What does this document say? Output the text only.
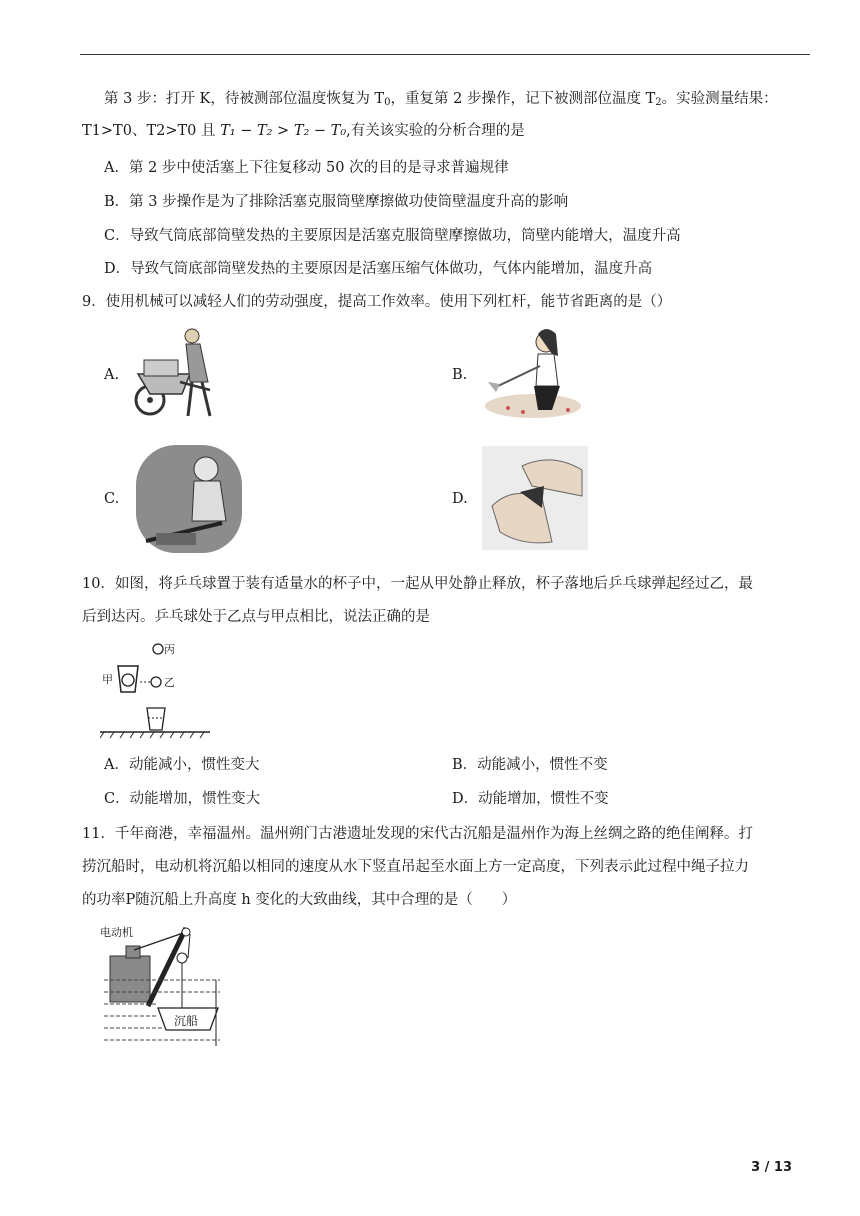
第 3 步：打开 K，待被测部位温度恢复为 $T_0$，重复第 2 步操作，记下被测部位温度 $T_2$。实验测量结果：
T1>T0、T2>T0 且 T₁ − T₂ > T₂ − T₀,有关该实验的分析合理的是
A．第 2 步中使活塞上下往复移动 50 次的目的是寻求普遍规律
B．第 3 步操作是为了排除活塞克服筒壁摩擦做功使筒壁温度升高的影响
C．导致气筒底部筒壁发热的主要原因是活塞克服筒壁摩擦做功，筒壁内能增大，温度升高
D．导致气筒底部筒壁发热的主要原因是活塞压缩气体做功，气体内能增加，温度升高
9．使用机械可以减轻人们的劳动强度，提高工作效率。使用下列杠杆，能节省距离的是（）
A.	B.
C.	D.
10．如图，将乒乓球置于装有适量水的杯子中，一起从甲处静止释放，杯子落地后乒乓球弹起经过乙，最
后到达丙。乒乓球处于乙点与甲点相比，说法正确的是
甲	乙
丙
A．动能减小，惯性变大	B．动能减小，惯性不变
C．动能增加，惯性变大	D．动能增加，惯性不变
11．千年商港，幸福温州。温州朔门古港遗址发现的宋代古沉船是温州作为海上丝绸之路的绝佳阐释。打
捞沉船时，电动机将沉船以相同的速度从水下竖直吊起至水面上方一定高度，下列表示此过程中绳子拉力
的功率P随沉船上升高度 h 变化的大致曲线，其中合理的是（　　）
电动机
沉船
3 / 13
